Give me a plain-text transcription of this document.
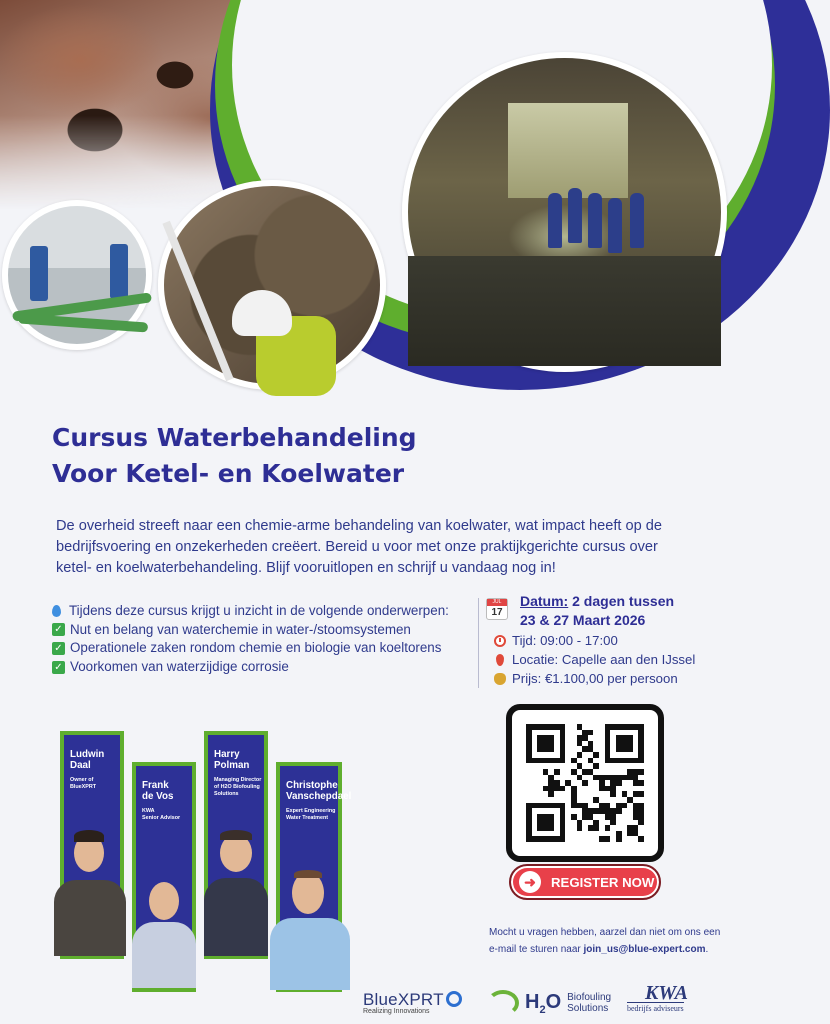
Cursus Waterbehandeling
Voor Ketel- en Koelwater

De overheid streeft naar een chemie-arme behandeling van koelwater, wat impact heeft op de bedrijfsvoering en onzekerheden creëert. Bereid u voor met onze praktijkgerichte cursus over ketel- en koelwaterbehandeling. Blijf vooruitlopen en schrijf u vandaag nog in!

Tijdens deze cursus krijgt u inzicht in de volgende onderwerpen:
✓ Nut en belang van waterchemie in water-/stoomsystemen
✓ Operationele zaken rondom chemie en biologie van koeltorens
✓ Voorkomen van waterzijdige corrosie
JUL
17
Datum: 2 dagen tussen
23 & 27 Maart 2026
Tijd: 09:00 - 17:00
Locatie: Capelle aan den IJssel
Prijs: €1.100,00 per persoon
➜	REGISTER NOW
Mocht u vragen hebben, aarzel dan niet om ons een e-mail te sturen naar join_us@blue-expert.com.
Ludwin
Daal
Owner of
BlueXPRT	Frank
de Vos
KWA
Senior Advisor
Harry
Polman
Managing Director
of H2O Biofouling Solutions
Christophe
Vanschepdael
Expert Engineering
Water Treatment
BlueXPRT
Realizing Innovations	$H_2O$ Biofouling
Solutions
KWA
bedrijfs adviseurs
